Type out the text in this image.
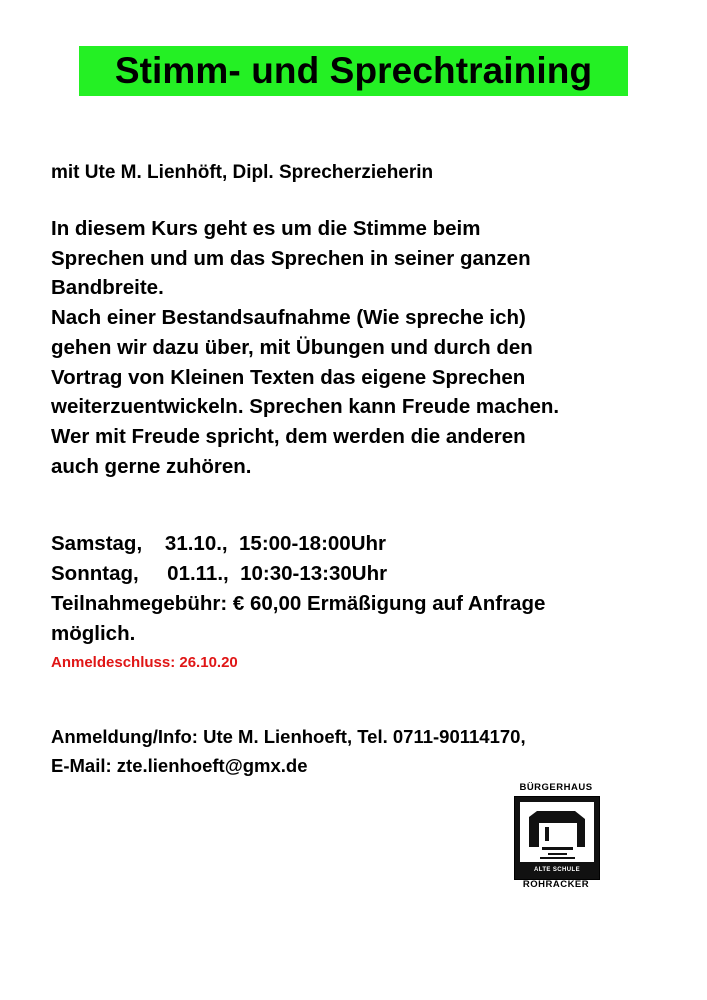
Stimm- und Sprechtraining
mit Ute M. Lienhöft, Dipl. Sprecherzieherin
In diesem Kurs geht es um die Stimme beim
Sprechen und um das Sprechen in seiner ganzen
Bandbreite.
Nach einer Bestandsaufnahme (Wie spreche ich)
gehen wir dazu über, mit Übungen und durch den
Vortrag von Kleinen Texten das eigene Sprechen
weiterzuentwickeln. Sprechen kann Freude machen.
Wer mit Freude spricht, dem werden die anderen
auch gerne zuhören.
Samstag,    31.10.,  15:00-18:00Uhr
Sonntag,     01.11.,  10:30-13:30Uhr
Teilnahmegebühr: € 60,00 Ermäßigung auf Anfrage
möglich.
Anmeldeschluss: 26.10.20
Anmeldung/Info: Ute M. Lienhoeft, Tel. 0711-90114170,
E-Mail: zte.lienhoeft@gmx.de
BÜRGERHAUS
ALTE SCHULE
ROHRACKER
